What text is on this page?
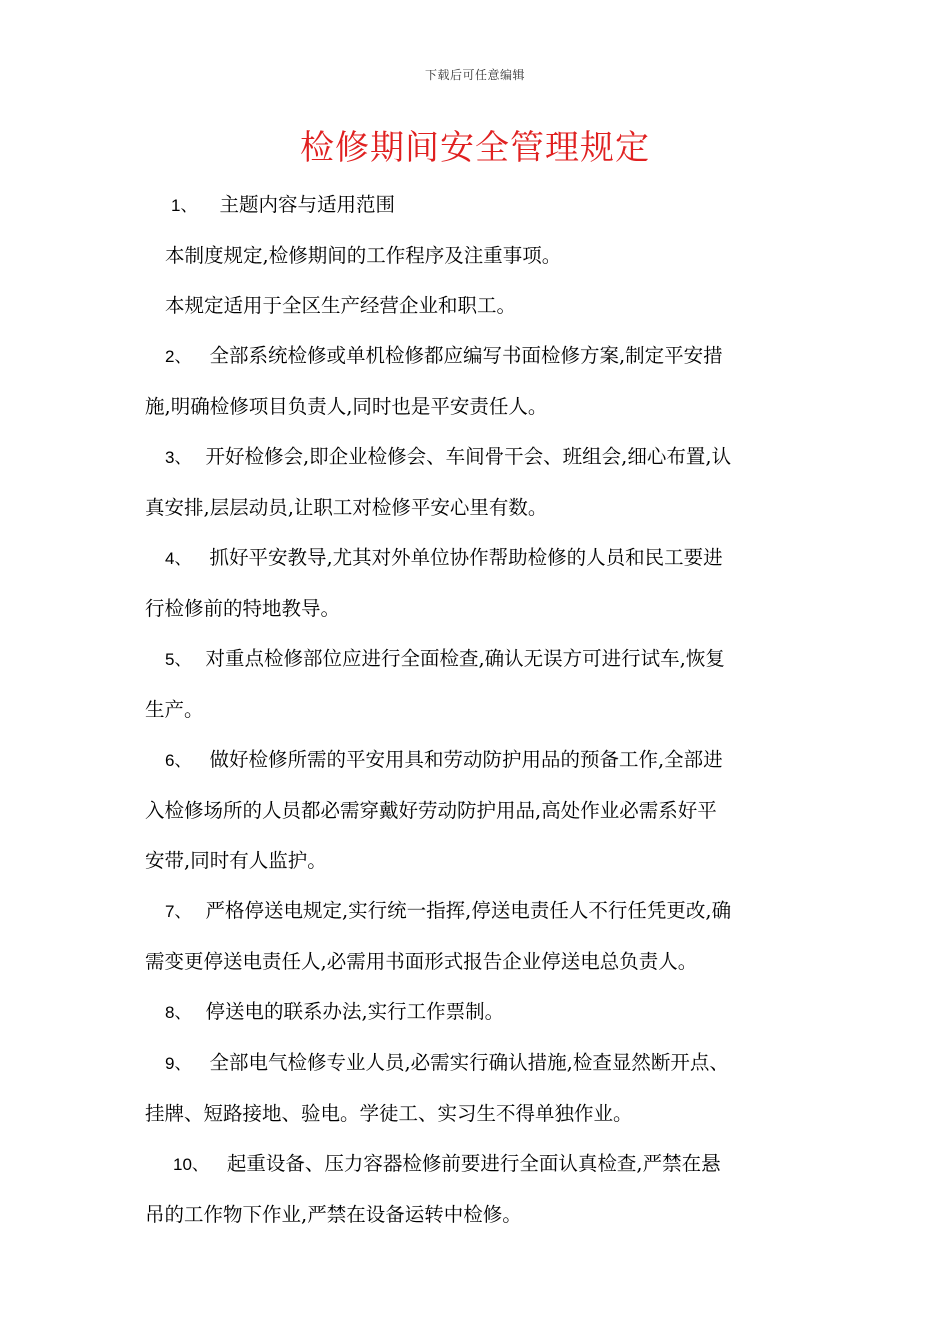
下载后可任意编辑
检修期间安全管理规定

1、 主题内容与适用范围

本制度规定,检修期间的工作程序及注重事项。

本规定适用于全区生产经营企业和职工。

2、 全部系统检修或单机检修都应编写书面检修方案,制定平安措
施,明确检修项目负责人,同时也是平安责任人。

3、 开好检修会,即企业检修会、车间骨干会、班组会,细心布置,认
真安排,层层动员,让职工对检修平安心里有数。

4、 抓好平安教导,尤其对外单位协作帮助检修的人员和民工要进
行检修前的特地教导。

5、 对重点检修部位应进行全面检查,确认无误方可进行试车,恢复
生产。

6、 做好检修所需的平安用具和劳动防护用品的预备工作,全部进
入检修场所的人员都必需穿戴好劳动防护用品,高处作业必需系好平
安带,同时有人监护。

7、 严格停送电规定,实行统一指挥,停送电责任人不行任凭更改,确
需变更停送电责任人,必需用书面形式报告企业停送电总负责人。

8、 停送电的联系办法,实行工作票制。

9、 全部电气检修专业人员,必需实行确认措施,检查显然断开点、
挂牌、短路接地、验电。学徒工、实习生不得单独作业。

10、 起重设备、压力容器检修前要进行全面认真检查,严禁在悬
吊的工作物下作业,严禁在设备运转中检修。
